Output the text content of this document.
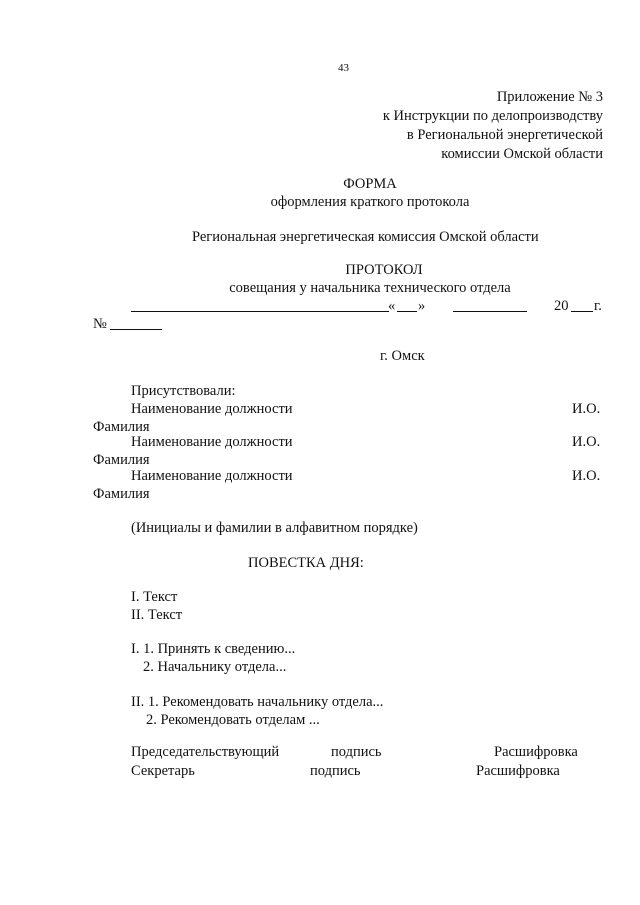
43
Приложение № 3
к Инструкции по делопроизводству
в Региональной энергетической
комиссии Омской области
ФОРМА
оформления краткого протокола
Региональная энергетическая комиссия Омской области
ПРОТОКОЛ
совещания у начальника технического отдела
« »	20 г.
№
г. Омск
Присутствовали:
Наименование должности	И.О.
Фамилия
Наименование должности	И.О.
Фамилия
Наименование должности	И.О.
Фамилия
(Инициалы и фамилии в алфавитном порядке)
ПОВЕСТКА ДНЯ:
I. Текст
II. Текст
I. 1. Принять к сведению...
2. Начальнику отдела...
II. 1. Рекомендовать начальнику отдела...
2. Рекомендовать отделам ...
Председательствующий	подпись	Расшифровка
Секретарь	подпись	Расшифровка
